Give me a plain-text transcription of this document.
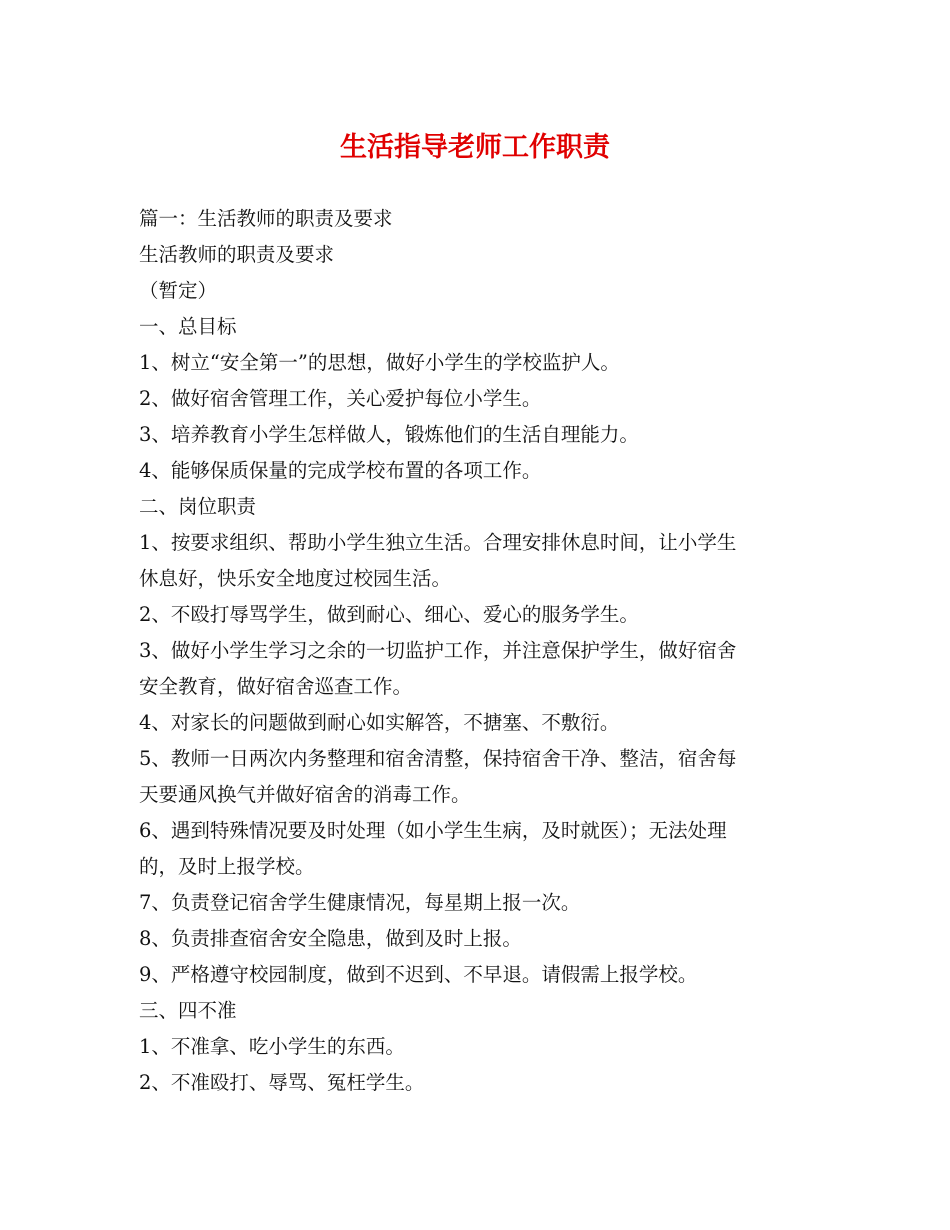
生活指导老师工作职责
篇一：生活教师的职责及要求
生活教师的职责及要求
（暂定）
一、总目标
1、树立“安全第一”的思想，做好小学生的学校监护人。
2、做好宿舍管理工作，关心爱护每位小学生。
3、培养教育小学生怎样做人，锻炼他们的生活自理能力。
4、能够保质保量的完成学校布置的各项工作。
二、岗位职责
1、按要求组织、帮助小学生独立生活。合理安排休息时间，让小学生
休息好，快乐安全地度过校园生活。
2、不殴打辱骂学生，做到耐心、细心、爱心的服务学生。
3、做好小学生学习之余的一切监护工作，并注意保护学生，做好宿舍
安全教育，做好宿舍巡查工作。
4、对家长的问题做到耐心如实解答，不搪塞、不敷衍。
5、教师一日两次内务整理和宿舍清整，保持宿舍干净、整洁，宿舍每
天要通风换气并做好宿舍的消毒工作。
6、遇到特殊情况要及时处理（如小学生生病，及时就医）；无法处理
的，及时上报学校。
7、负责登记宿舍学生健康情况，每星期上报一次。
8、负责排查宿舍安全隐患，做到及时上报。
9、严格遵守校园制度，做到不迟到、不早退。请假需上报学校。
三、四不准
1、不准拿、吃小学生的东西。
2、不准殴打、辱骂、冤枉学生。
